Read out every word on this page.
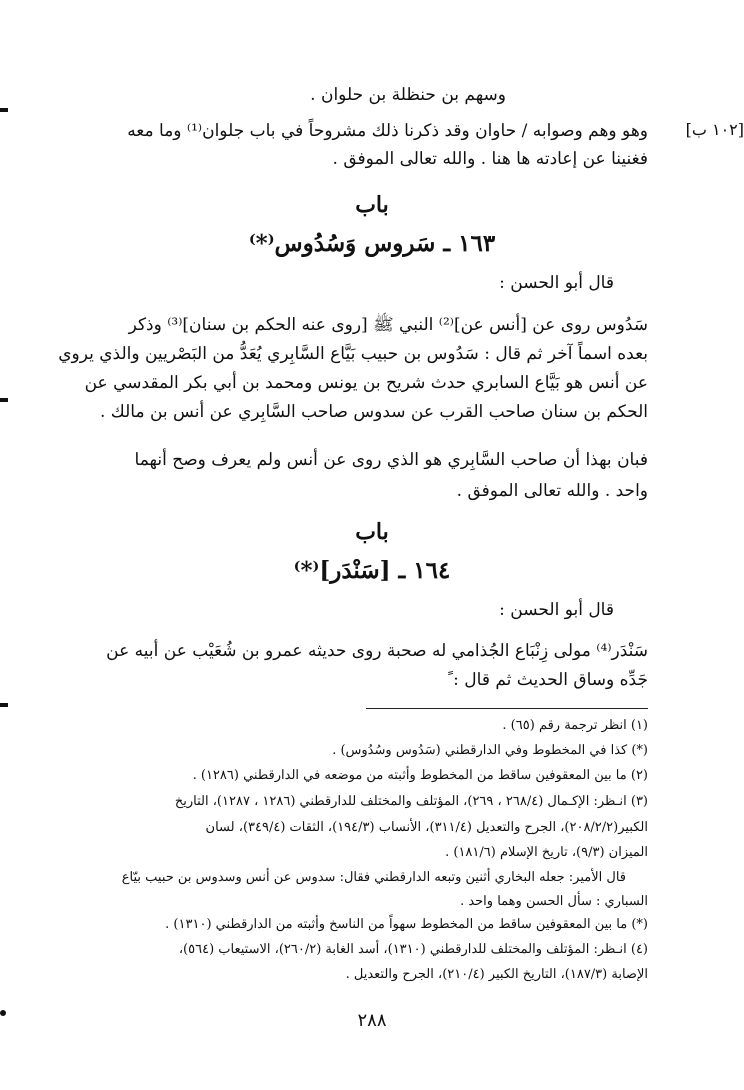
[١٠٢ ب]
وسهم بن حنظلة بن حلوان .
وهو وهم وصوابه / حاوان وقد ذكرنا ذلك مشروحاً في باب جلوان⁽¹⁾ وما معه
فغنينا عن إعادته ها هنا . والله تعالى الموفق .
باب
١٦٣ ـ سَروس وَسُدُوس⁽*⁾
قال أبو الحسن :
سَدُوس روى عن [أنس عن]⁽²⁾ النبي ﷺ [روى عنه الحكم بن سنان]⁽³⁾ وذكر
بعده اسماً آخر ثم قال : سَدُوس بن حبيب بَيَّاع السَّابِري يُعَدُّ من البَصْريين والذي يروي
عن أنس هو بَيَّاع السابري حدث شريح بن يونس ومحمد بن أبي بكر المقدسي عن
الحكم بن سنان صاحب القرب عن سدوس صاحب السَّابِري عن أنس بن مالك .
فبان بهذا أن صاحب السَّابِري هو الذي روى عن أنس ولم يعرف وصح أنهما
واحد . والله تعالى الموفق .
باب
١٦٤ ـ [سَنْدَر]⁽*⁾
قال أبو الحسن :
سَنْدَر⁽⁴⁾ مولى زِنْبَاع الجُذامي له صحبة روى حديثه عمرو بن شُعَيْب عن أبيه عن
جَدِّه وساق الحديث ثم قال : ً
(١) انظر ترجمة رقم (٦٥) .
(*) كذا في المخطوط وفي الدارقطني (سَدُوس وسُدُوس) .
(٢) ما بين المعقوفين ساقط من المخطوط وأثبته من موضعه في الدارقطني (١٢٨٦) .
(٣) انـظر: الإكـمال (٢٦٨/٤ ، ٢٦٩)، المؤتلف والمختلف للدارقطني (١٢٨٦ ، ١٢٨٧)، التاريخ
الكبير(٢٠٨/٢/٢)، الجرح والتعديل (٣١١/٤)، الأنساب (١٩٤/٣)، الثقات (٣٤٩/٤)، لسان
الميزان (٩/٣)، تاريخ الإسلام (١٨١/٦) .
قال الأمير: جعله البخاري أثنين وتبعه الدارقطني فقال: سدوس عن أنس وسدوس بن حبيب بيّاع
السباري : سأل الحسن وهما واحد .
(*) ما بين المعقوفين ساقط من المخطوط سهواً من الناسخ وأثبته من الدارقطني (١٣١٠) .
(٤) انـظر: المؤتلف والمختلف للدارقطني (١٣١٠)، أسد الغابة (٢٦٠/٢)، الاستيعاب (٥٦٤)،
الإصابة (١٨٧/٣)، التاريخ الكبير (٢١٠/٤)، الجرح والتعديل .
٢٨٨
